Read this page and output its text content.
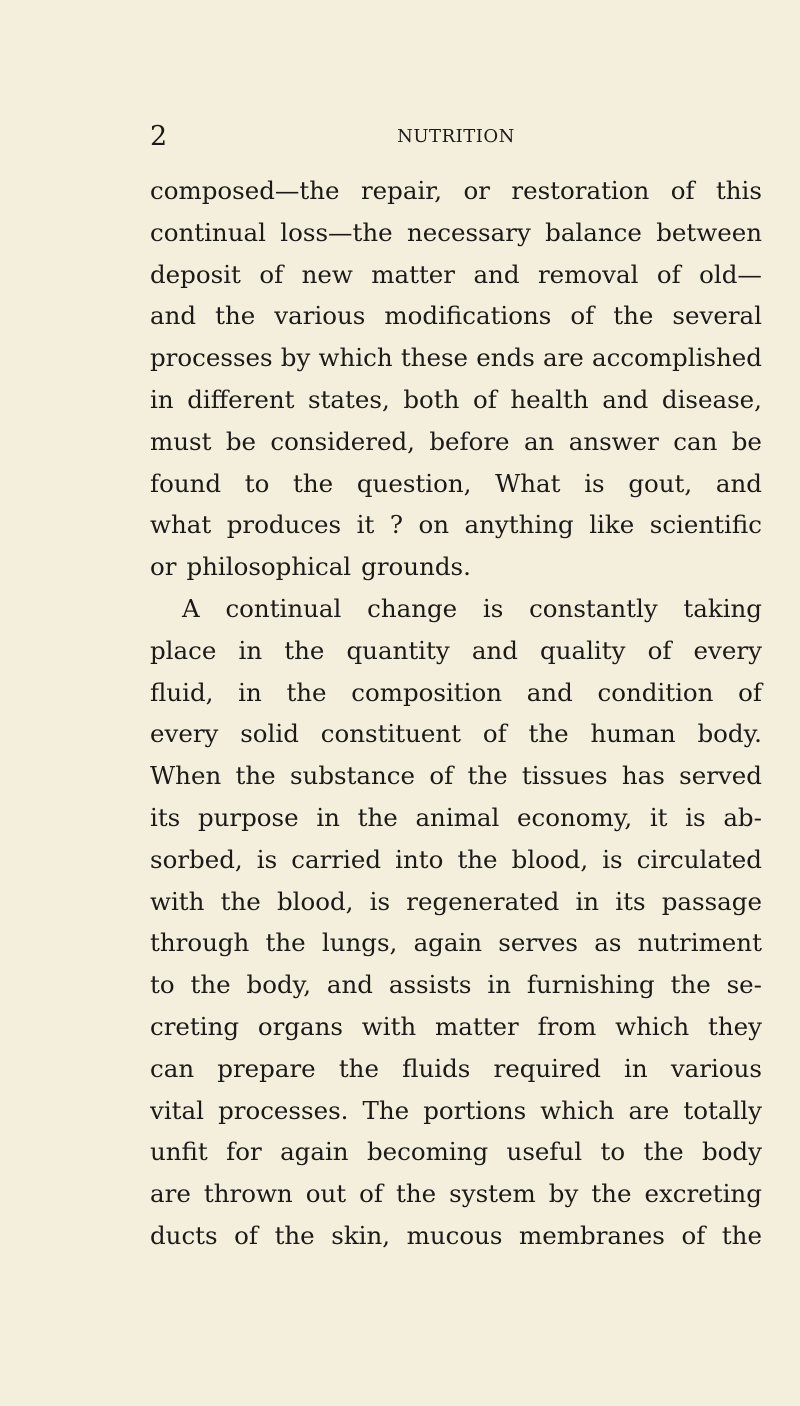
2	NUTRITION
composed—the repair, or restoration of this
continual loss—the necessary balance between
deposit of new matter and removal of old—
and the various modifications of the several
processes by which these ends are accomplished
in different states, both of health and disease,
must be considered, before an answer can be
found to the question, What is gout, and
what produces it ? on anything like scientific
or philosophical grounds.
A continual change is constantly taking
place in the quantity and quality of every
fluid, in the composition and condition of
every solid constituent of the human body.
When the substance of the tissues has served
its purpose in the animal economy, it is ab-
sorbed, is carried into the blood, is circulated
with the blood, is regenerated in its passage
through the lungs, again serves as nutriment
to the body, and assists in furnishing the se-
creting organs with matter from which they
can prepare the fluids required in various
vital processes. The portions which are totally
unfit for again becoming useful to the body
are thrown out of the system by the excreting
ducts of the skin, mucous membranes of the
